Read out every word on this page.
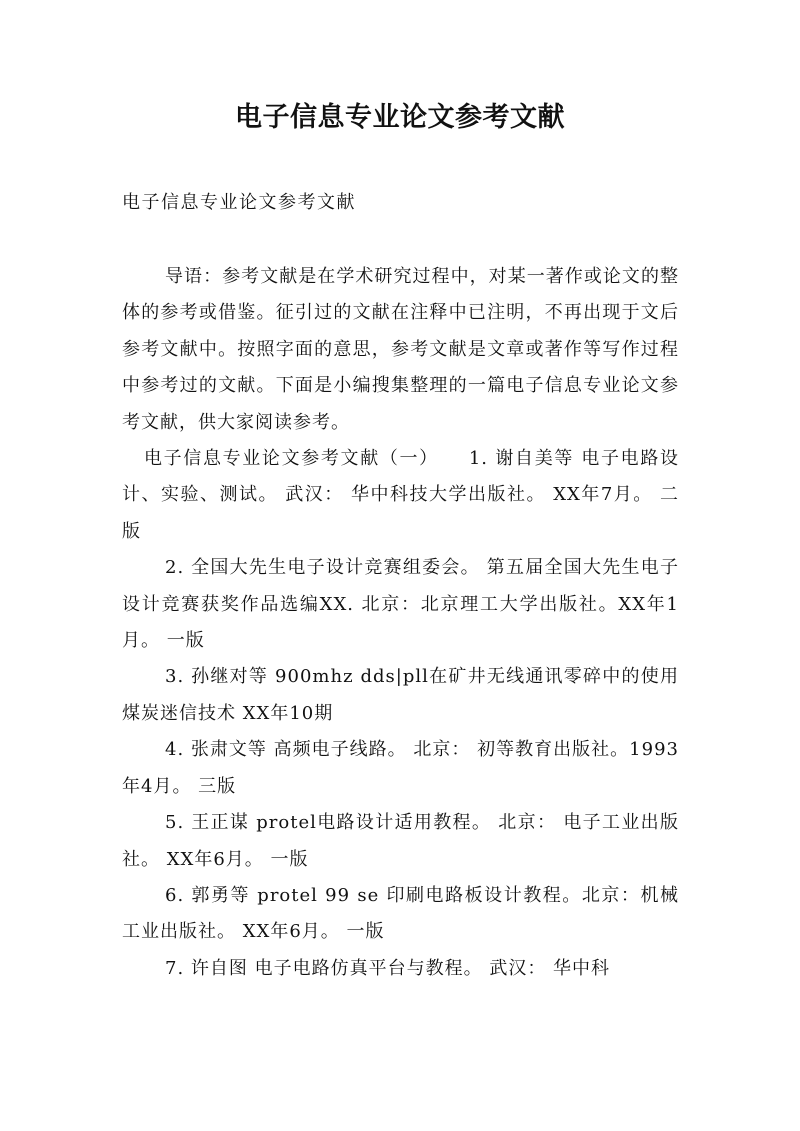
电子信息专业论文参考文献
电子信息专业论文参考文献

导语：参考文献是在学术研究过程中，对某一著作或论文的整体的参考或借鉴。征引过的文献在注释中已注明，不再出现于文后参考文献中。按照字面的意思，参考文献是文章或著作等写作过程中参考过的文献。下面是小编搜集整理的一篇电子信息专业论文参考文献，供大家阅读参考。

电子信息专业论文参考文献（一） 1. 谢自美等 电子电路设计、实验、测试。 武汉： 华中科技大学出版社。 XX年7月。 二版

2. 全国大先生电子设计竞赛组委会。 第五届全国大先生电子设计竞赛获奖作品选编XX. 北京：北京理工大学出版社。XX年1月。 一版

3. 孙继对等 900mhz dds|pll在矿井无线通讯零碎中的使用 煤炭迷信技术 XX年10期

4. 张肃文等 高频电子线路。 北京： 初等教育出版社。1993年4月。 三版

5. 王正谋 protel电路设计适用教程。 北京： 电子工业出版社。 XX年6月。 一版

6. 郭勇等 protel 99 se 印刷电路板设计教程。北京：机械工业出版社。 XX年6月。 一版

7. 许自图 电子电路仿真平台与教程。 武汉： 华中科
